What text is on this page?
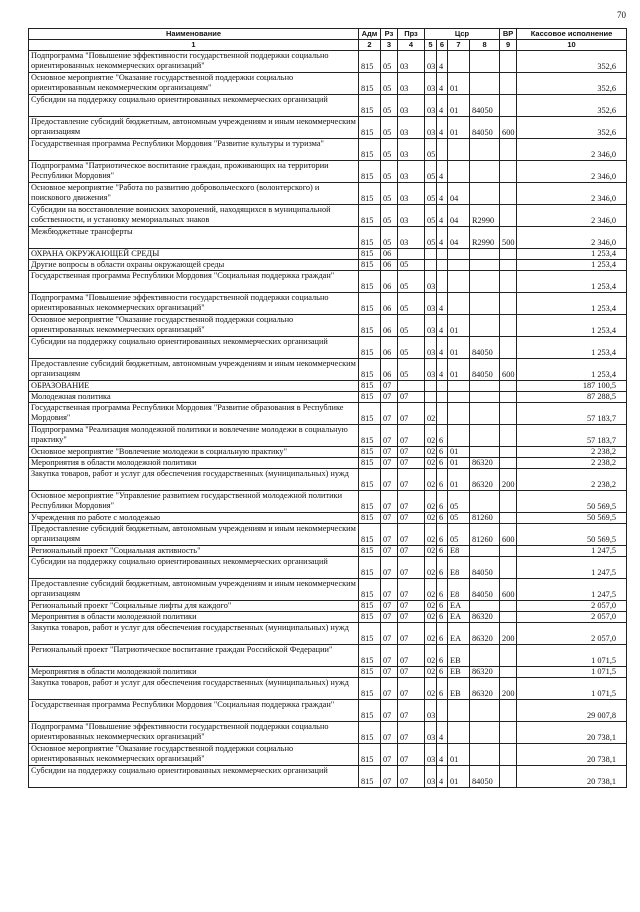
70
Наименование	Адм	Рз	Прз	Цср				ВР	Кассовое исполнение
1	2	3	4	5	6	7	8	9	10
Подпрограмма "Повышение эффективности государственной поддержки социально ориентированных некоммерческих организаций"	815	05	03	03	4				352,6
Основное мероприятие "Оказание государственной поддержки социально ориентированным некоммерческим организациям"	815	05	03	03	4	01			352,6
Субсидии на поддержку социально ориентированных некоммерческих организаций	815	05	03	03	4	01	84050		352,6
Предоставление субсидий бюджетным, автономным учреждениям и иным некоммерческим организациям	815	05	03	03	4	01	84050	600	352,6
Государственная программа Республики Мордовия "Развитие культуры и туризма"	815	05	03	05					2 346,0
Подпрограмма "Патриотическое воспитание граждан, проживающих на территории Республики Мордовия"	815	05	03	05	4				2 346,0
Основное мероприятие "Работа по развитию добровольческого (волонтерского) и поискового движения"	815	05	03	05	4	04			2 346,0
Субсидии на восстановление воинских захоронений, находящихся в муниципальной собственности, и установку мемориальных знаков	815	05	03	05	4	04	R2990		2 346,0
Межбюджетные трансферты	815	05	03	05	4	04	R2990	500	2 346,0
ОХРАНА ОКРУЖАЮЩЕЙ СРЕДЫ	815	06							1 253,4
Другие вопросы в области охраны окружающей среды	815	06	05						1 253,4
Государственная программа Республики Мордовия "Социальная поддержка граждан"	815	06	05	03					1 253,4
Подпрограмма "Повышение эффективности государственной поддержки социально ориентированных некоммерческих организаций"	815	06	05	03	4				1 253,4
Основное мероприятие "Оказание государственной поддержки социально ориентированных некоммерческих организаций"	815	06	05	03	4	01			1 253,4
Субсидии на поддержку социально ориентированных некоммерческих организаций	815	06	05	03	4	01	84050		1 253,4
Предоставление субсидий бюджетным, автономным учреждениям и иным некоммерческим организациям	815	06	05	03	4	01	84050	600	1 253,4
ОБРАЗОВАНИЕ	815	07							187 100,5
Молодежная политика	815	07	07						87 288,5
Государственная программа Республики Мордовия "Развитие образования в Республике Мордовия"	815	07	07	02					57 183,7
Подпрограмма "Реализация молодежной политики и вовлечение молодежи в социальную практику"	815	07	07	02	6				57 183,7
Основное мероприятие "Вовлечение молодежи в социальную практику"	815	07	07	02	6	01			2 238,2
Мероприятия в области молодежной политики	815	07	07	02	6	01	86320		2 238,2
Закупка товаров, работ и услуг для обеспечения государственных (муниципальных) нужд	815	07	07	02	6	01	86320	200	2 238,2
Основное мероприятие "Управление развитием государственной молодежной политики Республики Мордовия"	815	07	07	02	6	05			50 569,5
Учреждения по работе с молодежью	815	07	07	02	6	05	81260		50 569,5
Предоставление субсидий бюджетным, автономным учреждениям и иным некоммерческим организациям	815	07	07	02	6	05	81260	600	50 569,5
Региональный проект "Социальная активность"	815	07	07	02	6	E8			1 247,5
Субсидии на поддержку социально ориентированных некоммерческих организаций	815	07	07	02	6	E8	84050		1 247,5
Предоставление субсидий бюджетным, автономным учреждениям и иным некоммерческим организациям	815	07	07	02	6	E8	84050	600	1 247,5
Региональный проект "Социальные лифты для каждого"	815	07	07	02	6	EA			2 057,0
Мероприятия в области молодежной политики	815	07	07	02	6	EA	86320		2 057,0
Закупка товаров, работ и услуг для обеспечения государственных (муниципальных) нужд	815	07	07	02	6	EA	86320	200	2 057,0
Региональный проект "Патриотическое воспитание граждан Российской Федерации"	815	07	07	02	6	EB			1 071,5
Мероприятия в области молодежной политики	815	07	07	02	6	EB	86320		1 071,5
Закупка товаров, работ и услуг для обеспечения государственных (муниципальных) нужд	815	07	07	02	6	EB	86320	200	1 071,5
Государственная программа Республики Мордовия "Социальная поддержка граждан"	815	07	07	03					29 007,8
Подпрограмма "Повышение эффективности государственной поддержки социально ориентированных некоммерческих организаций"	815	07	07	03	4				20 738,1
Основное мероприятие "Оказание государственной поддержки социально ориентированных некоммерческих организаций"	815	07	07	03	4	01			20 738,1
Субсидии на поддержку социально ориентированных некоммерческих организаций	815	07	07	03	4	01	84050		20 738,1
